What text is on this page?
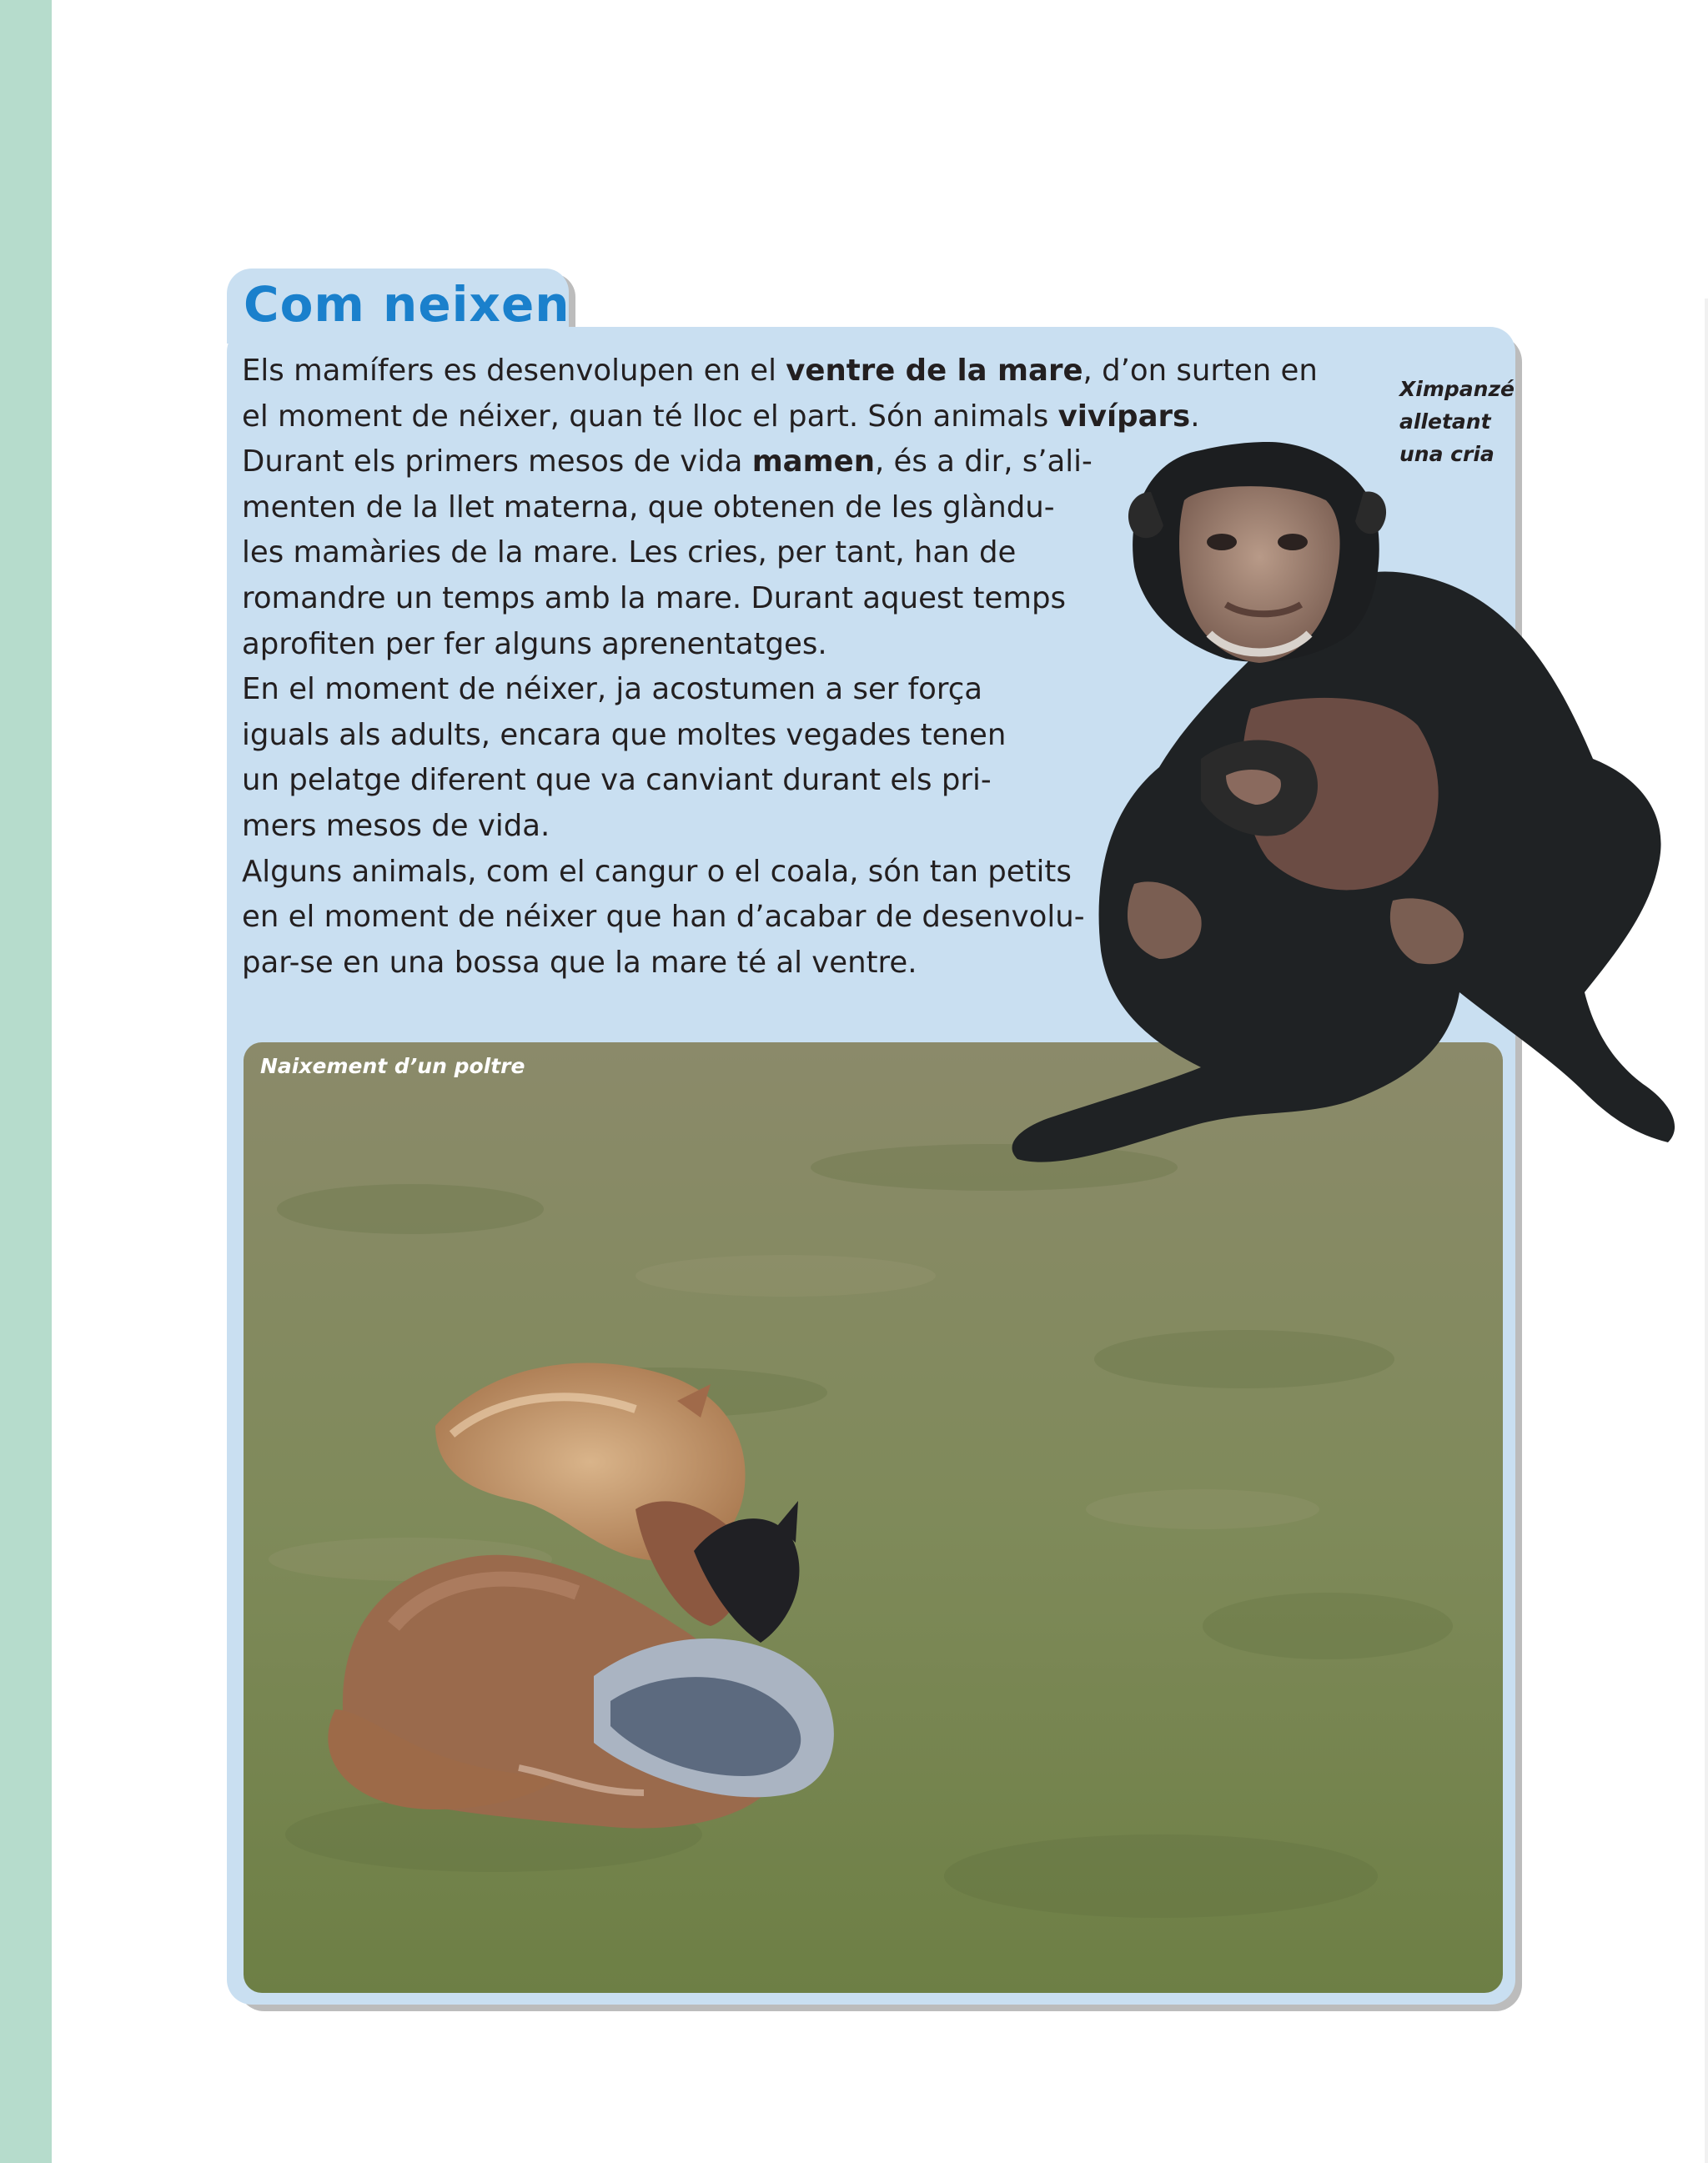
Com neixen

Els mamífers es desenvolupen en el ventre de la mare, d’on surten en

el moment de néixer, quan té lloc el part. Són animals vivípars.

Durant els primers mesos de vida mamen, és a dir, s’ali-

menten de la llet materna, que obtenen de les glàndu-

les mamàries de la mare. Les cries, per tant, han de

romandre un temps amb la mare. Durant aquest temps

aprofiten per fer alguns aprenentatges.

En el moment de néixer, ja acostumen a ser força

iguals als adults, encara que moltes vegades tenen

un pelatge diferent que va canviant durant els pri-

mers mesos de vida.

Alguns animals, com el cangur o el coala, són tan petits

en el moment de néixer que han d’acabar de desenvolu-

par-se en una bossa que la mare té al ventre.

Naixement d’un poltre

Ximpanzé
alletant
una cria
